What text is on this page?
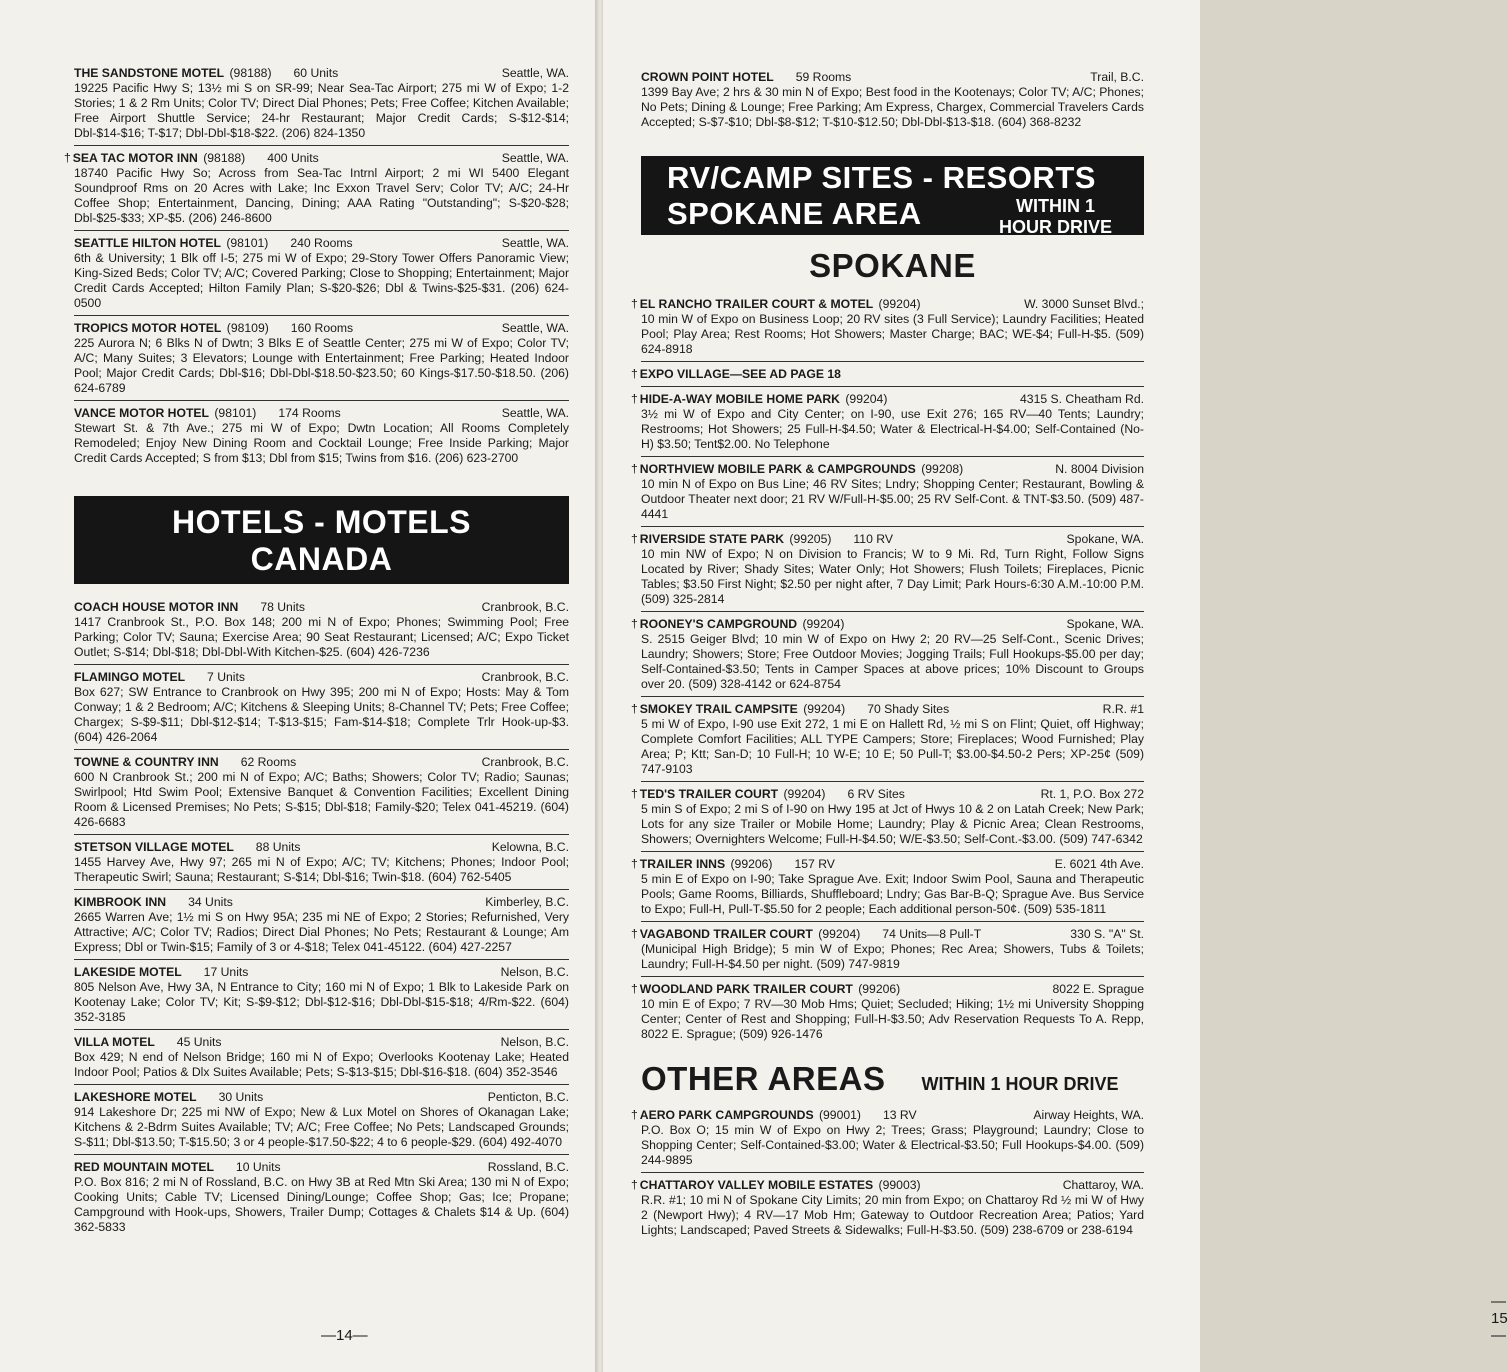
THE SANDSTONE MOTEL (98188) 60 Units	Seattle, WA.
19225 Pacific Hwy S; 13½ mi S on SR-99; Near Sea-Tac Airport; 275 mi W of Expo; 1-2 Stories; 1 & 2 Rm Units; Color TV; Direct Dial Phones; Pets; Free Coffee; Kitchen Available; Free Airport Shuttle Service; 24-hr Restaurant; Major Credit Cards; S-$12-$14; Dbl-$14-$16; T-$17; Dbl-Dbl-$18-$22. (206) 824-1350
† SEA TAC MOTOR INN (98188) 400 Units	Seattle, WA.
18740 Pacific Hwy So; Across from Sea-Tac Intrnl Airport; 2 mi WI 5400 Elegant Soundproof Rms on 20 Acres with Lake; Inc Exxon Travel Serv; Color TV; A/C; 24-Hr Coffee Shop; Entertainment, Dancing, Dining; AAA Rating "Outstanding"; S-$20-$28; Dbl-$25-$33; XP-$5. (206) 246-8600
SEATTLE HILTON HOTEL (98101) 240 Rooms	Seattle, WA.
6th & University; 1 Blk off I-5; 275 mi W of Expo; 29-Story Tower Offers Panoramic View; King-Sized Beds; Color TV; A/C; Covered Parking; Close to Shopping; Entertainment; Major Credit Cards Accepted; Hilton Family Plan; S-$20-$26; Dbl & Twins-$25-$31. (206) 624-0500
TROPICS MOTOR HOTEL (98109) 160 Rooms	Seattle, WA.
225 Aurora N; 6 Blks N of Dwtn; 3 Blks E of Seattle Center; 275 mi W of Expo; Color TV; A/C; Many Suites; 3 Elevators; Lounge with Entertainment; Free Parking; Heated Indoor Pool; Major Credit Cards; Dbl-$16; Dbl-Dbl-$18.50-$23.50; 60 Kings-$17.50-$18.50. (206) 624-6789
VANCE MOTOR HOTEL (98101) 174 Rooms	Seattle, WA.
Stewart St. & 7th Ave.; 275 mi W of Expo; Dwtn Location; All Rooms Completely Remodeled; Enjoy New Dining Room and Cocktail Lounge; Free Inside Parking; Major Credit Cards Accepted; S from $13; Dbl from $15; Twins from $16. (206) 623-2700
HOTELS - MOTELS
CANADA
COACH HOUSE MOTOR INN 78 Units	Cranbrook, B.C.
1417 Cranbrook St., P.O. Box 148; 200 mi N of Expo; Phones; Swimming Pool; Free Parking; Color TV; Sauna; Exercise Area; 90 Seat Restaurant; Licensed; A/C; Expo Ticket Outlet; S-$14; Dbl-$18; Dbl-Dbl-With Kitchen-$25. (604) 426-7236
FLAMINGO MOTEL 7 Units	Cranbrook, B.C.
Box 627; SW Entrance to Cranbrook on Hwy 395; 200 mi N of Expo; Hosts: May & Tom Conway; 1 & 2 Bedroom; A/C; Kitchens & Sleeping Units; 8-Channel TV; Pets; Free Coffee; Chargex; S-$9-$11; Dbl-$12-$14; T-$13-$15; Fam-$14-$18; Complete Trlr Hook-up-$3. (604) 426-2064
TOWNE & COUNTRY INN 62 Rooms	Cranbrook, B.C.
600 N Cranbrook St.; 200 mi N of Expo; A/C; Baths; Showers; Color TV; Radio; Saunas; Swirlpool; Htd Swim Pool; Extensive Banquet & Convention Facilities; Excellent Dining Room & Licensed Premises; No Pets; S-$15; Dbl-$18; Family-$20; Telex 041-45219. (604) 426-6683
STETSON VILLAGE MOTEL 88 Units	Kelowna, B.C.
1455 Harvey Ave, Hwy 97; 265 mi N of Expo; A/C; TV; Kitchens; Phones; Indoor Pool; Therapeutic Swirl; Sauna; Restaurant; S-$14; Dbl-$16; Twin-$18. (604) 762-5405
KIMBROOK INN 34 Units	Kimberley, B.C.
2665 Warren Ave; 1½ mi S on Hwy 95A; 235 mi NE of Expo; 2 Stories; Refurnished, Very Attractive; A/C; Color TV; Radios; Direct Dial Phones; No Pets; Restaurant & Lounge; Am Express; Dbl or Twin-$15; Family of 3 or 4-$18; Telex 041-45122. (604) 427-2257
LAKESIDE MOTEL 17 Units	Nelson, B.C.
805 Nelson Ave, Hwy 3A, N Entrance to City; 160 mi N of Expo; 1 Blk to Lakeside Park on Kootenay Lake; Color TV; Kit; S-$9-$12; Dbl-$12-$16; Dbl-Dbl-$15-$18; 4/Rm-$22. (604) 352-3185
VILLA MOTEL 45 Units	Nelson, B.C.
Box 429; N end of Nelson Bridge; 160 mi N of Expo; Overlooks Kootenay Lake; Heated Indoor Pool; Patios & Dlx Suites Available; Pets; S-$13-$15; Dbl-$16-$18. (604) 352-3546
LAKESHORE MOTEL 30 Units	Penticton, B.C.
914 Lakeshore Dr; 225 mi NW of Expo; New & Lux Motel on Shores of Okanagan Lake; Kitchens & 2-Bdrm Suites Available; TV; A/C; Free Coffee; No Pets; Landscaped Grounds; S-$11; Dbl-$13.50; T-$15.50; 3 or 4 people-$17.50-$22; 4 to 6 people-$29. (604) 492-4070
RED MOUNTAIN MOTEL 10 Units	Rossland, B.C.
P.O. Box 816; 2 mi N of Rossland, B.C. on Hwy 3B at Red Mtn Ski Area; 130 mi N of Expo; Cooking Units; Cable TV; Licensed Dining/Lounge; Coffee Shop; Gas; Ice; Propane; Campground with Hook-ups, Showers, Trailer Dump; Cottages & Chalets $14 & Up. (604) 362-5833
—14—
CROWN POINT HOTEL 59 Rooms	Trail, B.C.
1399 Bay Ave; 2 hrs & 30 min N of Expo; Best food in the Kootenays; Color TV; A/C; Phones; No Pets; Dining & Lounge; Free Parking; Am Express, Chargex, Commercial Travelers Cards Accepted; S-$7-$10; Dbl-$8-$12; T-$10-$12.50; Dbl-Dbl-$13-$18. (604) 368-8232
RV/CAMP SITES - RESORTS
SPOKANE AREA	WITHIN 1
HOUR DRIVE
SPOKANE
† EL RANCHO TRAILER COURT & MOTEL (99204)	W. 3000 Sunset Blvd.;
10 min W of Expo on Business Loop; 20 RV sites (3 Full Service); Laundry Facilities; Heated Pool; Play Area; Rest Rooms; Hot Showers; Master Charge; BAC; WE-$4; Full-H-$5. (509) 624-8918
† EXPO VILLAGE—SEE AD PAGE 18
† HIDE-A-WAY MOBILE HOME PARK (99204)	4315 S. Cheatham Rd.
3½ mi W of Expo and City Center; on I-90, use Exit 276; 165 RV—40 Tents; Laundry; Restrooms; Hot Showers; 25 Full-H-$4.50; Water & Electrical-H-$4.00; Self-Contained (No-H) $3.50; Tent$2.00. No Telephone
† NORTHVIEW MOBILE PARK & CAMPGROUNDS (99208)	N. 8004 Division
10 min N of Expo on Bus Line; 46 RV Sites; Lndry; Shopping Center; Restaurant, Bowling & Outdoor Theater next door; 21 RV W/Full-H-$5.00; 25 RV Self-Cont. & TNT-$3.50. (509) 487-4441
† RIVERSIDE STATE PARK (99205) 110 RV	Spokane, WA.
10 min NW of Expo; N on Division to Francis; W to 9 Mi. Rd, Turn Right, Follow Signs Located by River; Shady Sites; Water Only; Hot Showers; Flush Toilets; Fireplaces, Picnic Tables; $3.50 First Night; $2.50 per night after, 7 Day Limit; Park Hours-6:30 A.M.-10:00 P.M. (509) 325-2814
† ROONEY'S CAMPGROUND (99204)	Spokane, WA.
S. 2515 Geiger Blvd; 10 min W of Expo on Hwy 2; 20 RV—25 Self-Cont., Scenic Drives; Laundry; Showers; Store; Free Outdoor Movies; Jogging Trails; Full Hookups-$5.00 per day; Self-Contained-$3.50; Tents in Camper Spaces at above prices; 10% Discount to Groups over 20. (509) 328-4142 or 624-8754
† SMOKEY TRAIL CAMPSITE (99204) 70 Shady Sites	R.R. #1
5 mi W of Expo, I-90 use Exit 272, 1 mi E on Hallett Rd, ½ mi S on Flint; Quiet, off Highway; Complete Comfort Facilities; ALL TYPE Campers; Store; Fireplaces; Wood Furnished; Play Area; P; Ktt; San-D; 10 Full-H; 10 W-E; 10 E; 50 Pull-T; $3.00-$4.50-2 Pers; XP-25¢ (509) 747-9103
† TED'S TRAILER COURT (99204) 6 RV Sites	Rt. 1, P.O. Box 272
5 min S of Expo; 2 mi S of I-90 on Hwy 195 at Jct of Hwys 10 & 2 on Latah Creek; New Park; Lots for any size Trailer or Mobile Home; Laundry; Play & Picnic Area; Clean Restrooms, Showers; Overnighters Welcome; Full-H-$4.50; W/E-$3.50; Self-Cont.-$3.00. (509) 747-6342
† TRAILER INNS (99206) 157 RV	E. 6021 4th Ave.
5 min E of Expo on I-90; Take Sprague Ave. Exit; Indoor Swim Pool, Sauna and Therapeutic Pools; Game Rooms, Billiards, Shuffleboard; Lndry; Gas Bar-B-Q; Sprague Ave. Bus Service to Expo; Full-H, Pull-T-$5.50 for 2 people; Each additional person-50¢. (509) 535-1811
† VAGABOND TRAILER COURT (99204) 74 Units—8 Pull-T	330 S. "A" St.
(Municipal High Bridge); 5 min W of Expo; Phones; Rec Area; Showers, Tubs & Toilets; Laundry; Full-H-$4.50 per night. (509) 747-9819
† WOODLAND PARK TRAILER COURT (99206)	8022 E. Sprague
10 min E of Expo; 7 RV—30 Mob Hms; Quiet; Secluded; Hiking; 1½ mi University Shopping Center; Center of Rest and Shopping; Full-H-$3.50; Adv Reservation Requests To A. Repp, 8022 E. Sprague; (509) 926-1476
OTHER AREAS WITHIN 1 HOUR DRIVE
† AERO PARK CAMPGROUNDS (99001) 13 RV	Airway Heights, WA.
P.O. Box O; 15 min W of Expo on Hwy 2; Trees; Grass; Playground; Laundry; Close to Shopping Center; Self-Contained-$3.00; Water & Electrical-$3.50; Full Hookups-$4.00. (509) 244-9895
† CHATTAROY VALLEY MOBILE ESTATES (99003)	Chattaroy, WA.
R.R. #1; 10 mi N of Spokane City Limits; 20 min from Expo; on Chattaroy Rd ½ mi W of Hwy 2 (Newport Hwy); 4 RV—17 Mob Hm; Gateway to Outdoor Recreation Area; Patios; Yard Lights; Landscaped; Paved Streets & Sidewalks; Full-H-$3.50. (509) 238-6709 or 238-6194
—15—
